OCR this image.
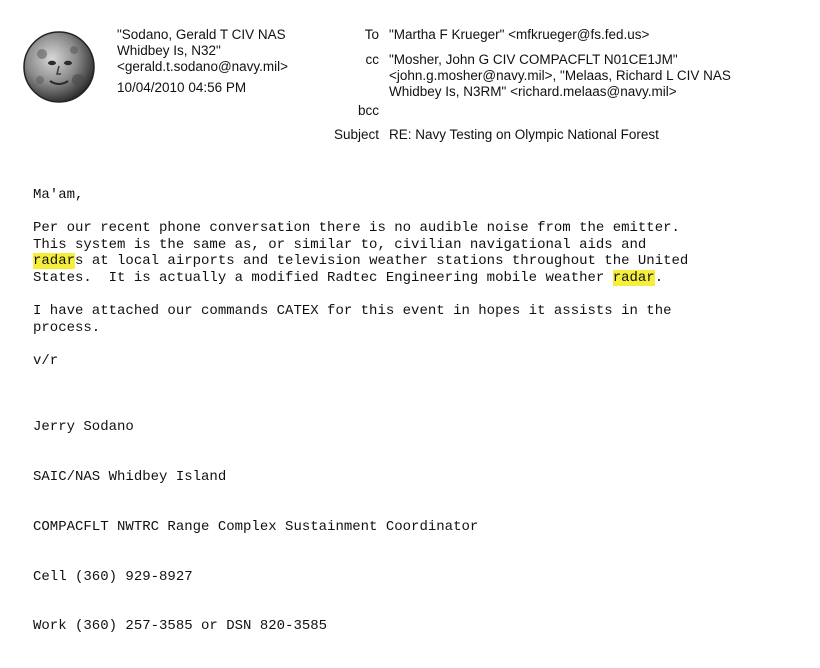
"Sodano, Gerald T CIV NAS
Whidbey Is, N32"
<gerald.t.sodano@navy.mil>
10/04/2010 04:56 PM
To "Martha F Krueger" <mfkrueger@fs.fed.us>
cc "Mosher, John G CIV COMPACFLT N01CE1JM"
<john.g.mosher@navy.mil>, "Melaas, Richard L CIV NAS
Whidbey Is, N3RM" <richard.melaas@navy.mil>
bcc
Subject RE: Navy Testing on Olympic National Forest

Ma'am,

Per our recent phone conversation there is no audible noise from the emitter.
This system is the same as, or similar to, civilian navigational aids and
radars at local airports and television weather stations throughout the United
States.  It is actually a modified Radtec Engineering mobile weather radar.

I have attached our commands CATEX for this event in hopes it assists in the
process.

v/r

Jerry Sodano

SAIC/NAS Whidbey Island

COMPACFLT NWTRC Range Complex Sustainment Coordinator

Cell (360) 929-8927

Work (360) 257-3585 or DSN 820-3585
